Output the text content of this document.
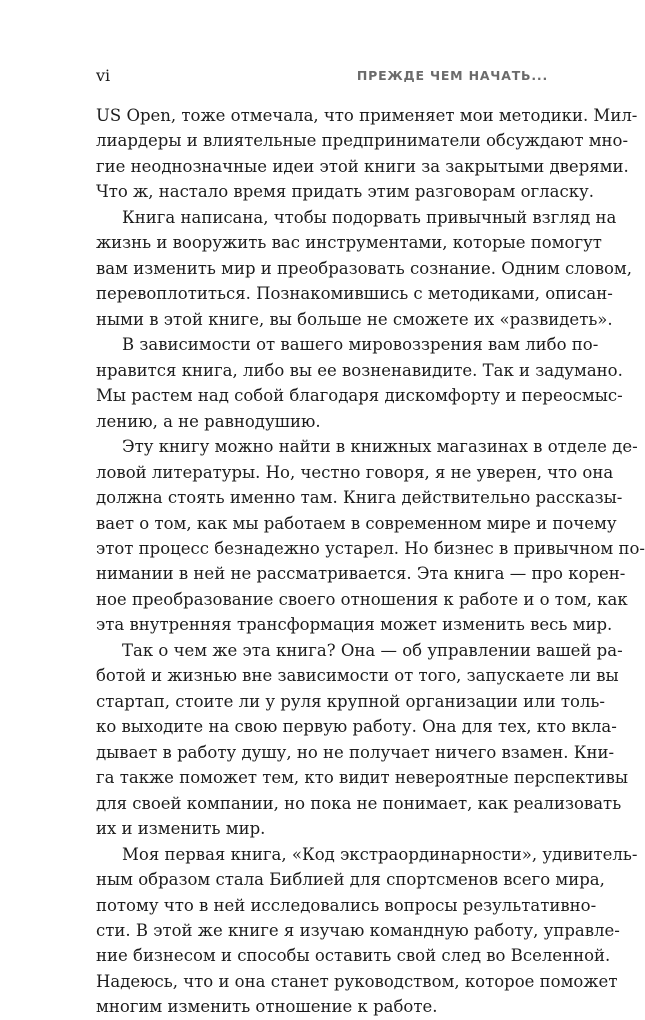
vi	ПРЕЖДЕ ЧЕМ НАЧАТЬ...
US Open, тоже отмечала, что применяет мои методики. Мил-
лиардеры и влиятельные предприниматели обсуждают мно-
гие неоднозначные идеи этой книги за закрытыми дверями.
Что ж, настало время придать этим разговорам огласку.
Книга написана, чтобы подорвать привычный взгляд на
жизнь и вооружить вас инструментами, которые помогут
вам изменить мир и преобразовать сознание. Одним словом,
перевоплотиться. Познакомившись с методиками, описан-
ными в этой книге, вы больше не сможете их «развидеть».
В зависимости от вашего мировоззрения вам либо по-
нравится книга, либо вы ее возненавидите. Так и задумано.
Мы растем над собой благодаря дискомфорту и переосмыс-
лению, а не равнодушию.
Эту книгу можно найти в книжных магазинах в отделе де-
ловой литературы. Но, честно говоря, я не уверен, что она
должна стоять именно там. Книга действительно рассказы-
вает о том, как мы работаем в современном мире и почему
этот процесс безнадежно устарел. Но бизнес в привычном по-
нимании в ней не рассматривается. Эта книга — про корен-
ное преобразование своего отношения к работе и о том, как
эта внутренняя трансформация может изменить весь мир.
Так о чем же эта книга? Она — об управлении вашей ра-
ботой и жизнью вне зависимости от того, запускаете ли вы
стартап, стоите ли у руля крупной организации или толь-
ко выходите на свою первую работу. Она для тех, кто вкла-
дывает в работу душу, но не получает ничего взамен. Кни-
га также поможет тем, кто видит невероятные перспективы
для своей компании, но пока не понимает, как реализовать
их и изменить мир.
Моя первая книга, «Код экстраординарности», удивитель-
ным образом стала Библией для спортсменов всего мира,
потому что в ней исследовались вопросы результативно-
сти. В этой же книге я изучаю командную работу, управле-
ние бизнесом и способы оставить свой след во Вселенной.
Надеюсь, что и она станет руководством, которое поможет
многим изменить отношение к работе.
